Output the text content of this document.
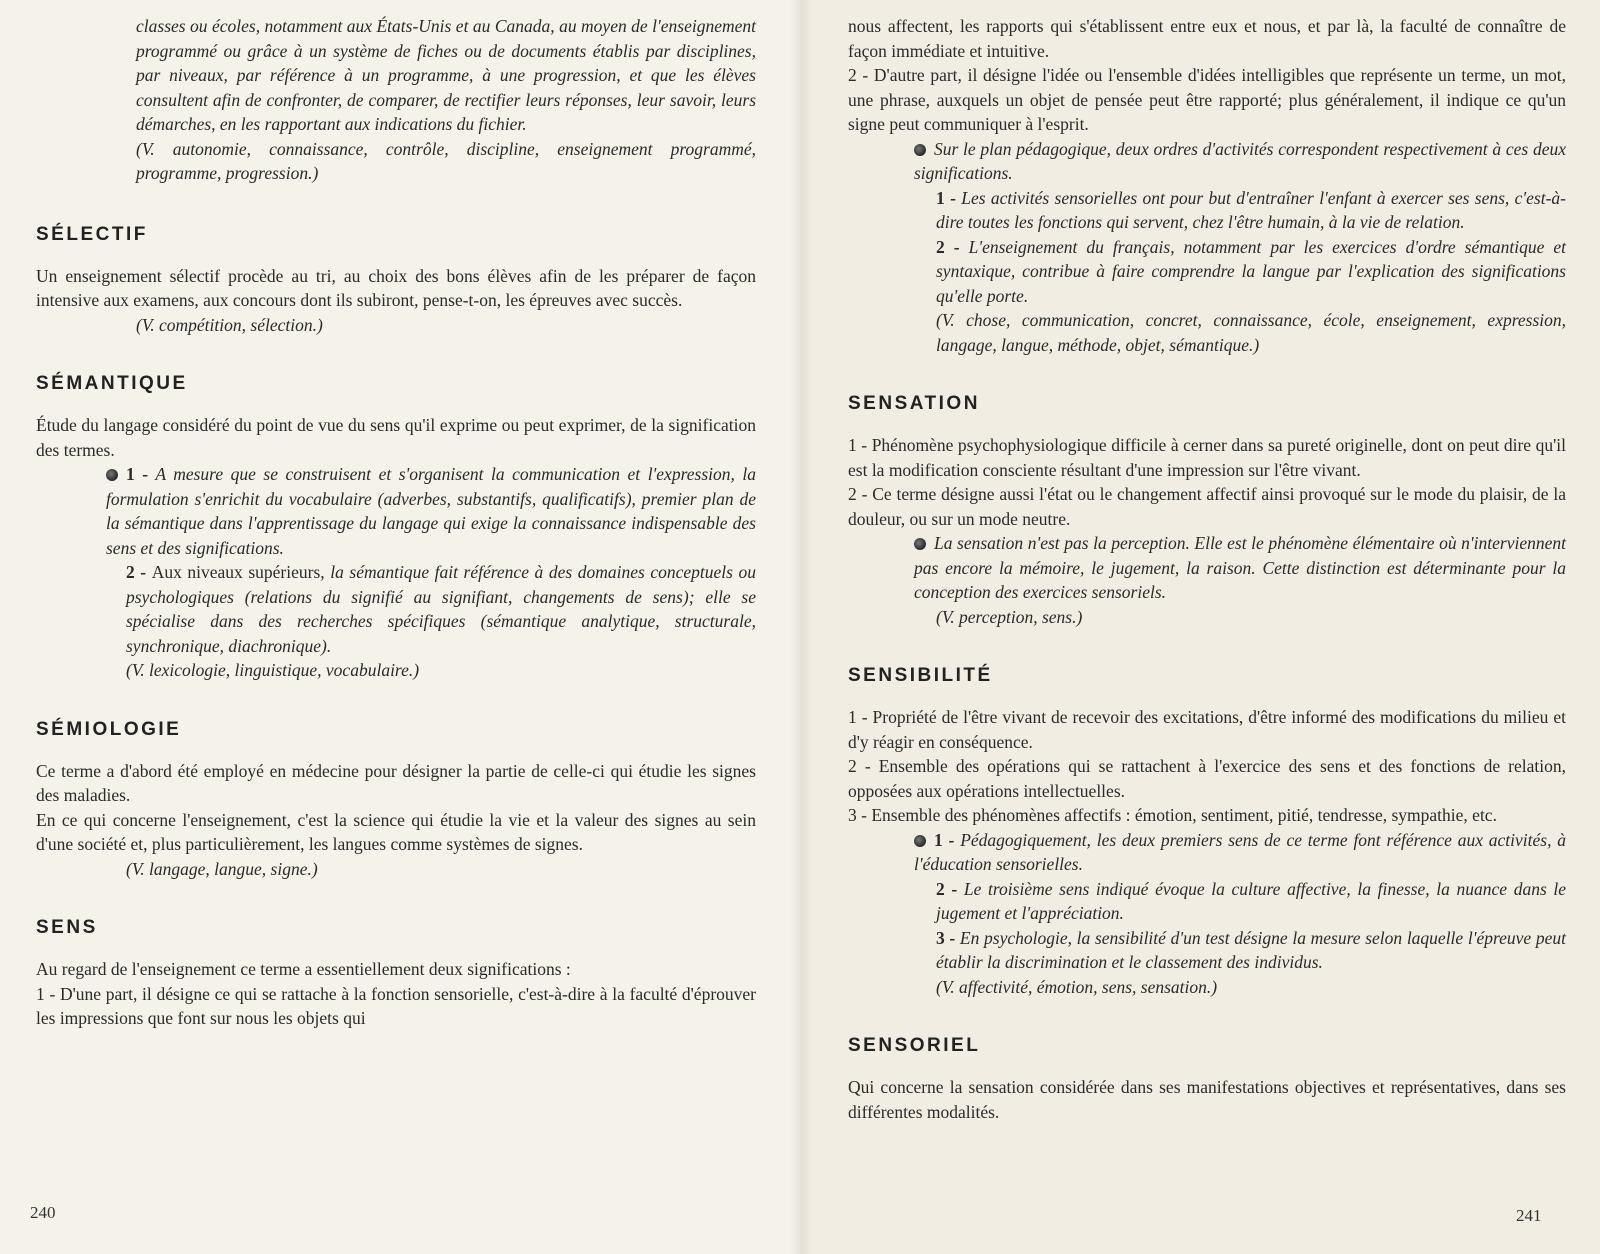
classes ou écoles, notamment aux États-Unis et au Canada, au moyen de l'enseignement programmé ou grâce à un système de fiches ou de documents établis par disciplines, par niveaux, par référence à un programme, à une progression, et que les élèves consultent afin de confronter, de comparer, de rectifier leurs réponses, leur savoir, leurs démarches, en les rapportant aux indications du fichier.

(V. autonomie, connaissance, contrôle, discipline, enseignement programmé, programme, progression.)

SÉLECTIF

Un enseignement sélectif procède au tri, au choix des bons élèves afin de les préparer de façon intensive aux examens, aux concours dont ils subiront, pense-t-on, les épreuves avec succès.

(V. compétition, sélection.)

SÉMANTIQUE

Étude du langage considéré du point de vue du sens qu'il exprime ou peut exprimer, de la signification des termes.

1 - A mesure que se construisent et s'organisent la communication et l'expression, la formulation s'enrichit du vocabulaire (adverbes, substantifs, qualificatifs), premier plan de la sémantique dans l'apprentissage du langage qui exige la connaissance indispensable des sens et des significations.

2 - Aux niveaux supérieurs, la sémantique fait référence à des domaines conceptuels ou psychologiques (relations du signifié au signifiant, changements de sens); elle se spécialise dans des recherches spécifiques (sémantique analytique, structurale, synchronique, diachronique).

(V. lexicologie, linguistique, vocabulaire.)

SÉMIOLOGIE

Ce terme a d'abord été employé en médecine pour désigner la partie de celle-ci qui étudie les signes des maladies.

En ce qui concerne l'enseignement, c'est la science qui étudie la vie et la valeur des signes au sein d'une société et, plus particulièrement, les langues comme systèmes de signes.

(V. langage, langue, signe.)

SENS

Au regard de l'enseignement ce terme a essentiellement deux significations :

1 - D'une part, il désigne ce qui se rattache à la fonction sensorielle, c'est-à-dire à la faculté d'éprouver les impressions que font sur nous les objets qui

240

nous affectent, les rapports qui s'établissent entre eux et nous, et par là, la faculté de connaître de façon immédiate et intuitive.

2 - D'autre part, il désigne l'idée ou l'ensemble d'idées intelligibles que représente un terme, un mot, une phrase, auxquels un objet de pensée peut être rapporté; plus généralement, il indique ce qu'un signe peut communiquer à l'esprit.

Sur le plan pédagogique, deux ordres d'activités correspondent respectivement à ces deux significations.

1 - Les activités sensorielles ont pour but d'entraîner l'enfant à exercer ses sens, c'est-à-dire toutes les fonctions qui servent, chez l'être humain, à la vie de relation.

2 - L'enseignement du français, notamment par les exercices d'ordre sémantique et syntaxique, contribue à faire comprendre la langue par l'explication des significations qu'elle porte.

(V. chose, communication, concret, connaissance, école, enseignement, expression, langage, langue, méthode, objet, sémantique.)

SENSATION

1 - Phénomène psychophysiologique difficile à cerner dans sa pureté originelle, dont on peut dire qu'il est la modification consciente résultant d'une impression sur l'être vivant.

2 - Ce terme désigne aussi l'état ou le changement affectif ainsi provoqué sur le mode du plaisir, de la douleur, ou sur un mode neutre.

La sensation n'est pas la perception. Elle est le phénomène élémentaire où n'interviennent pas encore la mémoire, le jugement, la raison. Cette distinction est déterminante pour la conception des exercices sensoriels.

(V. perception, sens.)

SENSIBILITÉ

1 - Propriété de l'être vivant de recevoir des excitations, d'être informé des modifications du milieu et d'y réagir en conséquence.

2 - Ensemble des opérations qui se rattachent à l'exercice des sens et des fonctions de relation, opposées aux opérations intellectuelles.

3 - Ensemble des phénomènes affectifs : émotion, sentiment, pitié, tendresse, sympathie, etc.

1 - Pédagogiquement, les deux premiers sens de ce terme font référence aux activités, à l'éducation sensorielles.

2 - Le troisième sens indiqué évoque la culture affective, la finesse, la nuance dans le jugement et l'appréciation.

3 - En psychologie, la sensibilité d'un test désigne la mesure selon laquelle l'épreuve peut établir la discrimination et le classement des individus.

(V. affectivité, émotion, sens, sensation.)

SENSORIEL

Qui concerne la sensation considérée dans ses manifestations objectives et représentatives, dans ses différentes modalités.

241
